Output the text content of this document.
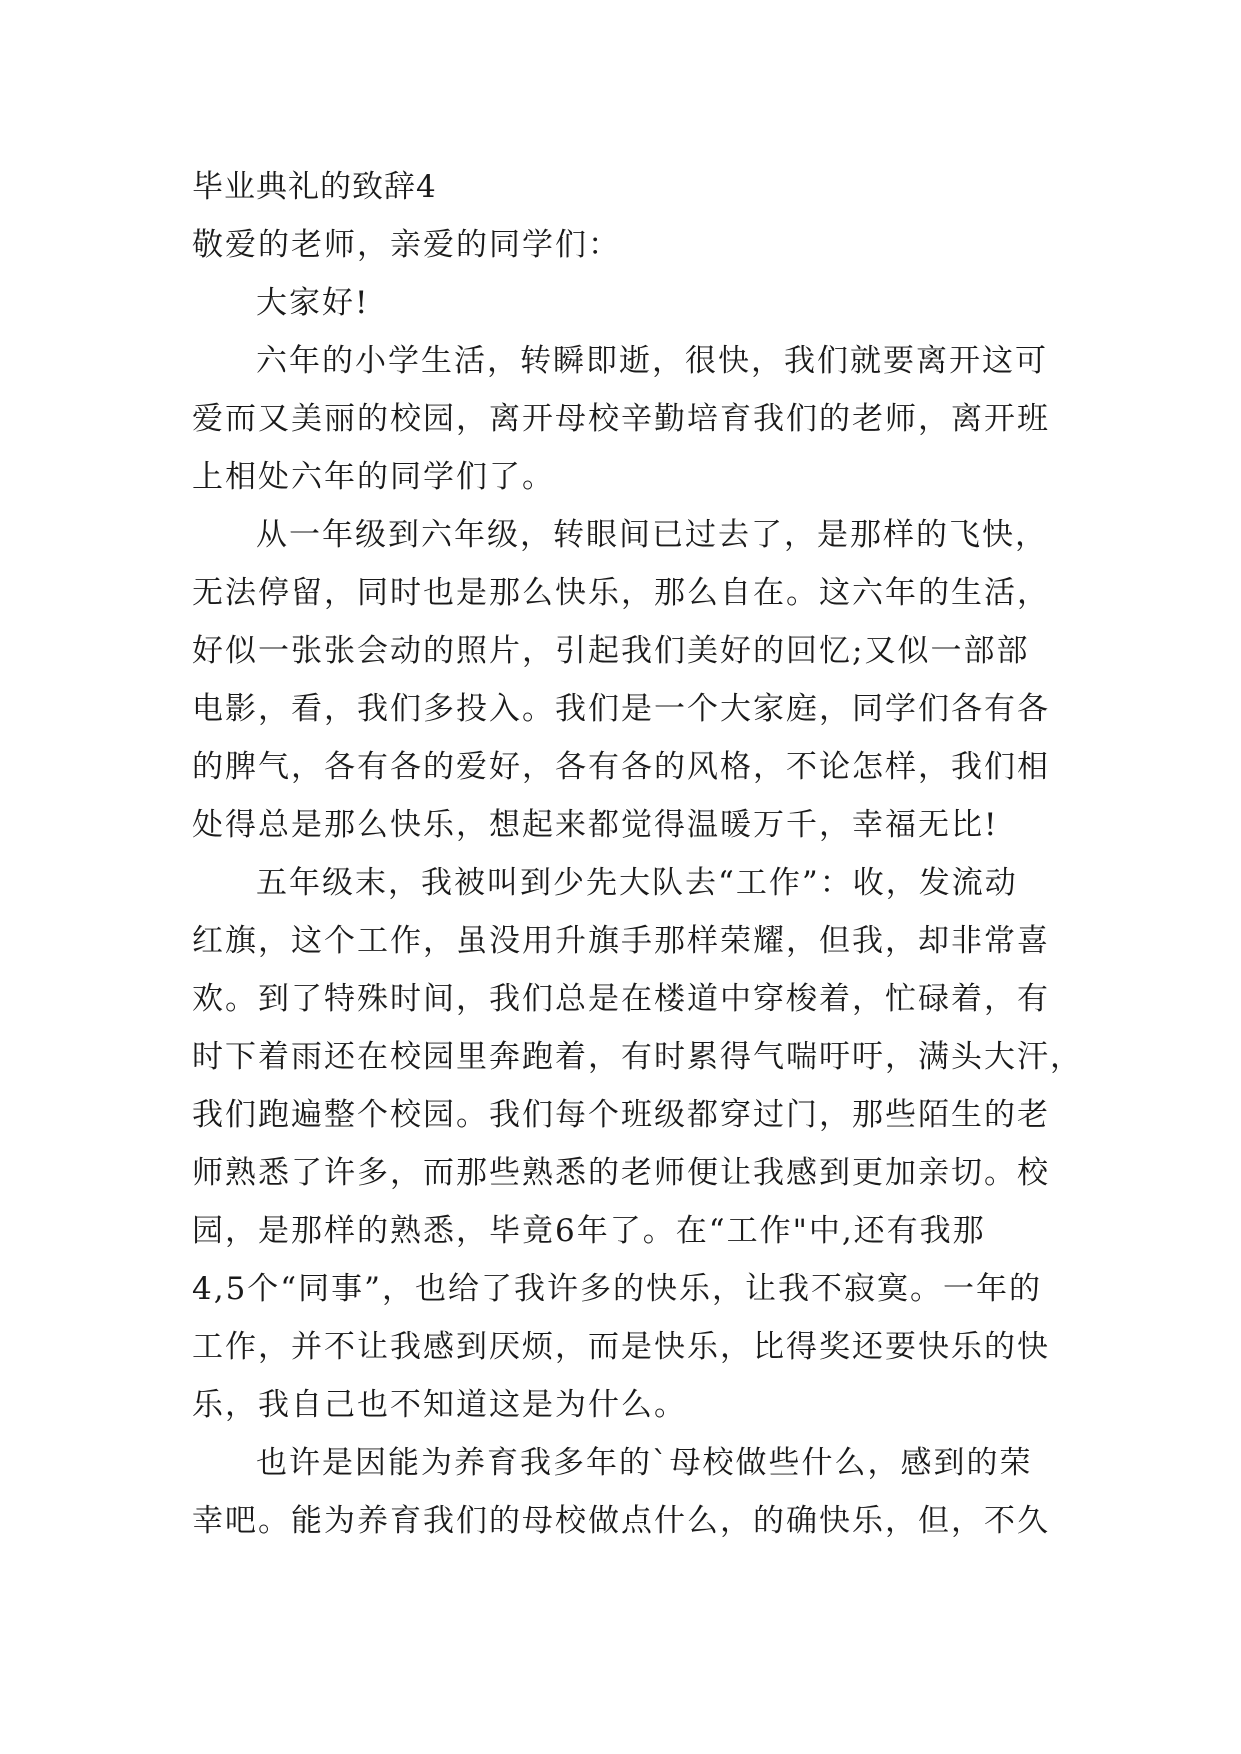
毕业典礼的致辞4

敬爱的老师，亲爱的同学们：

大家好!

六年的小学生活，转瞬即逝，很快，我们就要离开这可

爱而又美丽的校园，离开母校辛勤培育我们的老师，离开班

上相处六年的同学们了。

从一年级到六年级，转眼间已过去了，是那样的飞快，

无法停留，同时也是那么快乐，那么自在。这六年的生活，

好似一张张会动的照片，引起我们美好的回忆;又似一部部

电影，看，我们多投入。我们是一个大家庭，同学们各有各

的脾气，各有各的爱好，各有各的风格，不论怎样，我们相

处得总是那么快乐，想起来都觉得温暖万千，幸福无比!

五年级末，我被叫到少先大队去“工作”：收，发流动

红旗，这个工作，虽没用升旗手那样荣耀，但我，却非常喜

欢。到了特殊时间，我们总是在楼道中穿梭着，忙碌着，有

时下着雨还在校园里奔跑着，有时累得气喘吁吁，满头大汗，

我们跑遍整个校园。我们每个班级都穿过门，那些陌生的老

师熟悉了许多，而那些熟悉的老师便让我感到更加亲切。校

园，是那样的熟悉，毕竟6年了。在“工作"中,还有我那

4,5个“同事”，也给了我许多的快乐，让我不寂寞。一年的

工作，并不让我感到厌烦，而是快乐，比得奖还要快乐的快

乐，我自己也不知道这是为什么。

也许是因能为养育我多年的`母校做些什么，感到的荣

幸吧。能为养育我们的母校做点什么，的确快乐，但，不久
